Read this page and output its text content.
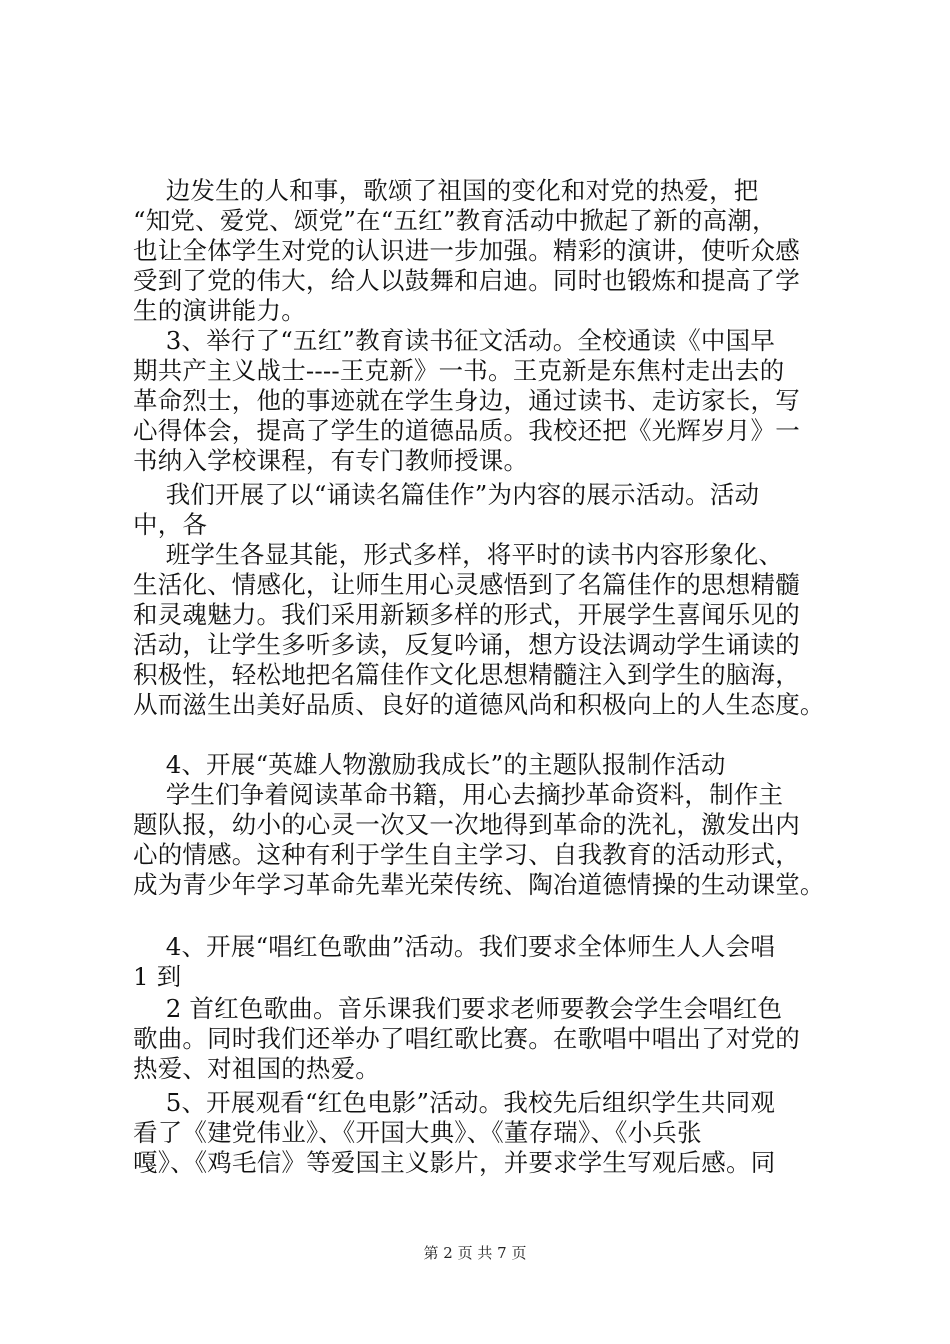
　 边发生的人和事，歌颂了祖国的变化和对党的热爱，把
“知党、爱党、颂党”在“五红”教育活动中掀起了新的高潮，
也让全体学生对党的认识进一步加强。精彩的演讲，使听众感
受到了党的伟大，给人以鼓舞和启迪。同时也锻炼和提高了学
生的演讲能力。
　 3、举行了“五红”教育读书征文活动。全校通读《中国早
期共产主义战士----王克新》一书。王克新是东焦村走出去的
革命烈士，他的事迹就在学生身边，通过读书、走访家长，写
心得体会，提高了学生的道德品质。我校还把《光辉岁月》一
书纳入学校课程，有专门教师授课。
　 我们开展了以“诵读名篇佳作”为内容的展示活动。活动
中，各
　 班学生各显其能，形式多样，将平时的读书内容形象化、
生活化、情感化，让师生用心灵感悟到了名篇佳作的思想精髓
和灵魂魅力。我们采用新颖多样的形式，开展学生喜闻乐见的
活动，让学生多听多读，反复吟诵，想方设法调动学生诵读的
积极性，轻松地把名篇佳作文化思想精髓注入到学生的脑海，
从而滋生出美好品质、良好的道德风尚和积极向上的人生态度。
　 4、开展“英雄人物激励我成长”的主题队报制作活动
　 学生们争着阅读革命书籍，用心去摘抄革命资料，制作主
题队报，幼小的心灵一次又一次地得到革命的洗礼，激发出内
心的情感。这种有利于学生自主学习、自我教育的活动形式，
成为青少年学习革命先辈光荣传统、陶冶道德情操的生动课堂。
　 4、开展“唱红色歌曲”活动。我们要求全体师生人人会唱
1 到
　 2 首红色歌曲。音乐课我们要求老师要教会学生会唱红色
歌曲。同时我们还举办了唱红歌比赛。在歌唱中唱出了对党的
热爱、对祖国的热爱。
　 5、开展观看“红色电影”活动。我校先后组织学生共同观
看了《建党伟业》、《开国大典》、《董存瑞》、《小兵张
嘎》、《鸡毛信》等爱国主义影片，并要求学生写观后感。同
第 2 页 共 7 页
